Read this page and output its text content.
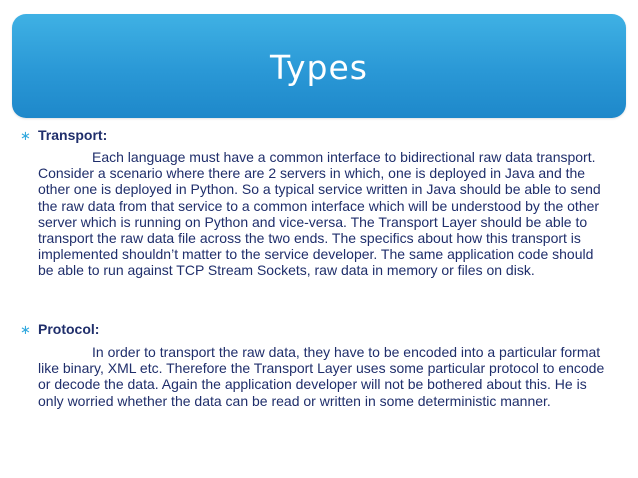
Types
∗ Transport:

Each language must have a common interface to bidirectional raw data transport. Consider a scenario where there are 2 servers in which, one is deployed in Java and the other one is deployed in Python. So a typical service written in Java should be able to send the raw data from that service to a common interface which will be understood by the other server which is running on Python and vice-versa. The Transport Layer should be able to transport the raw data file across the two ends. The specifics about how this transport is implemented shouldn’t matter to the service developer. The same application code should be able to run against TCP Stream Sockets, raw data in memory or files on disk.

∗ Protocol:

In order to transport the raw data, they have to be encoded into a particular format like binary, XML etc. Therefore the Transport Layer uses some particular protocol to encode or decode the data. Again the application developer will not be bothered about this. He is only worried whether the data can be read or written in some deterministic manner.
